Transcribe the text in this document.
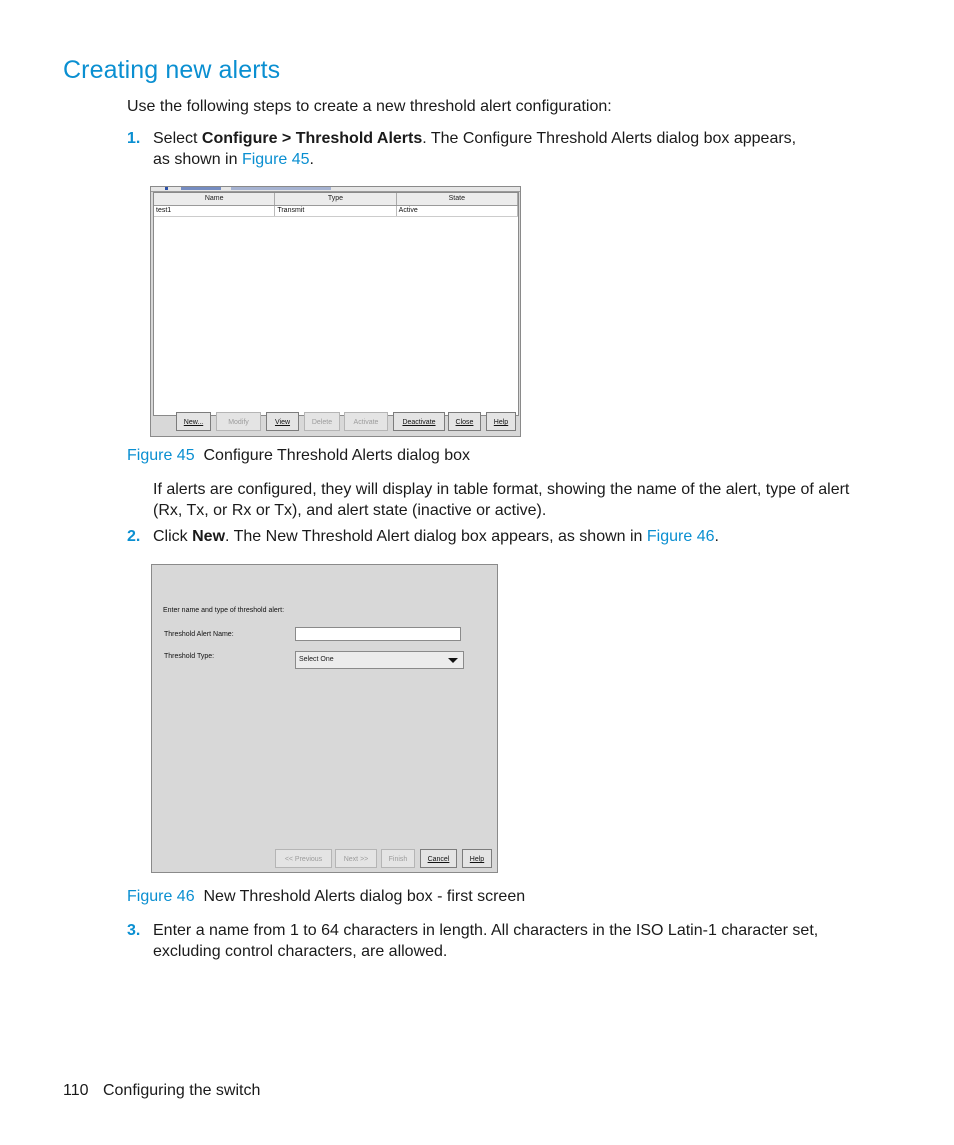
Creating new alerts
Use the following steps to create a new threshold alert configuration:
1. Select Configure > Threshold Alerts. The Configure Threshold Alerts dialog box appears,
as shown in Figure 45.
Name	Type	State
test1	Transmit	Active
New...	Modify	View	Delete	Activate	Deactivate	Close	Help
Figure 45 Configure Threshold Alerts dialog box
If alerts are configured, they will display in table format, showing the name of the alert, type of alert (Rx, Tx, or Rx or Tx), and alert state (inactive or active).
2. Click New. The New Threshold Alert dialog box appears, as shown in Figure 46.
Enter name and type of threshold alert:
Threshold Alert Name:
Threshold Type:	Select One
<< Previous	Next >>	Finish	Cancel	Help
Figure 46 New Threshold Alerts dialog box - first screen
3. Enter a name from 1 to 64 characters in length. All characters in the ISO Latin-1 character set, excluding control characters, are allowed.
110 Configuring the switch
